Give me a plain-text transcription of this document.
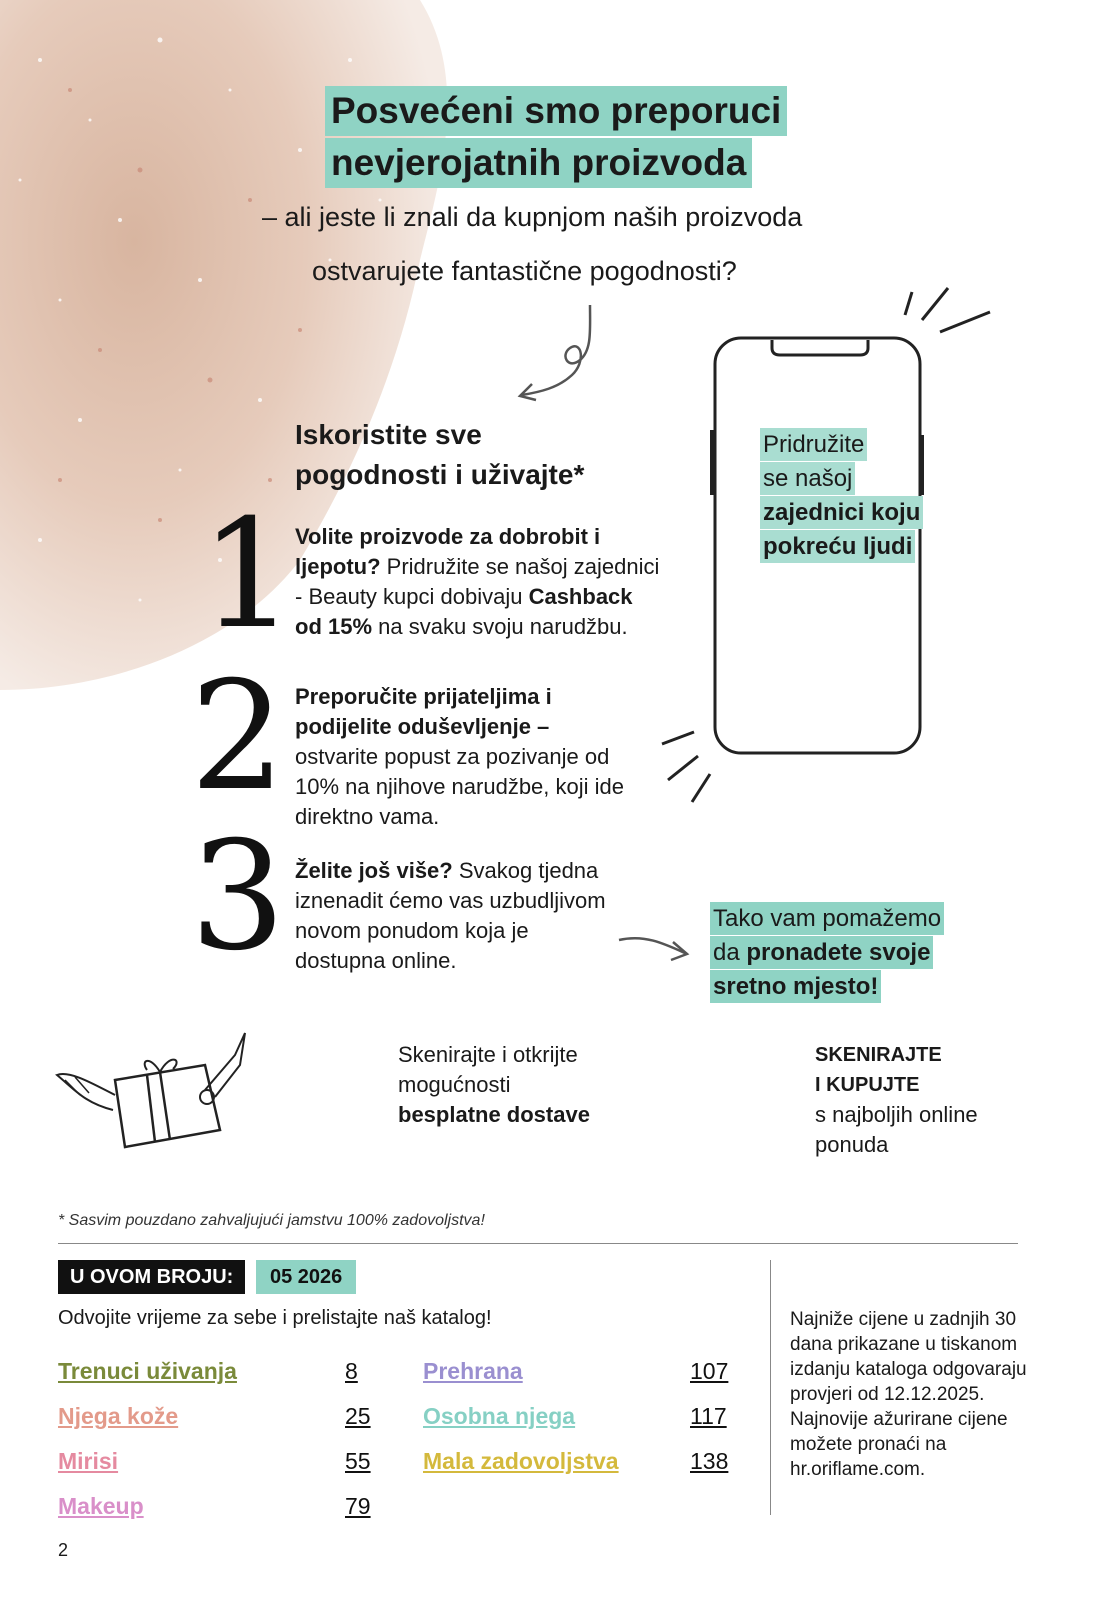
Posvećeni smo preporuci
nevjerojatnih proizvoda
– ali jeste li znali da kupnjom naših proizvoda
ostvarujete fantastične pogodnosti?
Iskoristite sve
pogodnosti i uživajte*
1
2
3
Volite proizvode za dobrobit i ljepotu? Pridružite se našoj zajednici - Beauty kupci dobivaju Cashback od 15% na svaku svoju narudžbu.
Preporučite prijateljima i podijelite oduševljenje – ostvarite popust za pozivanje od 10% na njihove narudžbe, koji ide direktno vama.
Želite još više? Svakog tjedna iznenadit ćemo vas uzbudljivom novom ponudom koja je dostupna online.
Pridružite
se našoj
zajednici koju
pokreću ljudi
Tako vam pomažemo
da pronadete svoje
sretno mjesto!
Skenirajte i otkrijte mogućnosti
besplatne dostave
SKENIRAJTE
I KUPUJTE
s najboljih online ponuda
* Sasvim pouzdano zahvaljujući jamstvu 100% zadovoljstva!
U OVOM BROJU:	05 2026
Odvojite vrijeme za sebe i prelistajte naš katalog!
Trenuci uživanja	8
Njega kože	25
Mirisi	55
Makeup	79
Prehrana	107
Osobna njega	117
Mala zadovoljstva	138
Najniže cijene u zadnjih 30 dana prikazane u tiskanom izdanju kataloga odgovaraju provjeri od 12.12.2025. Najnovije ažurirane cijene možete pronaći na hr.oriflame.com.
2
